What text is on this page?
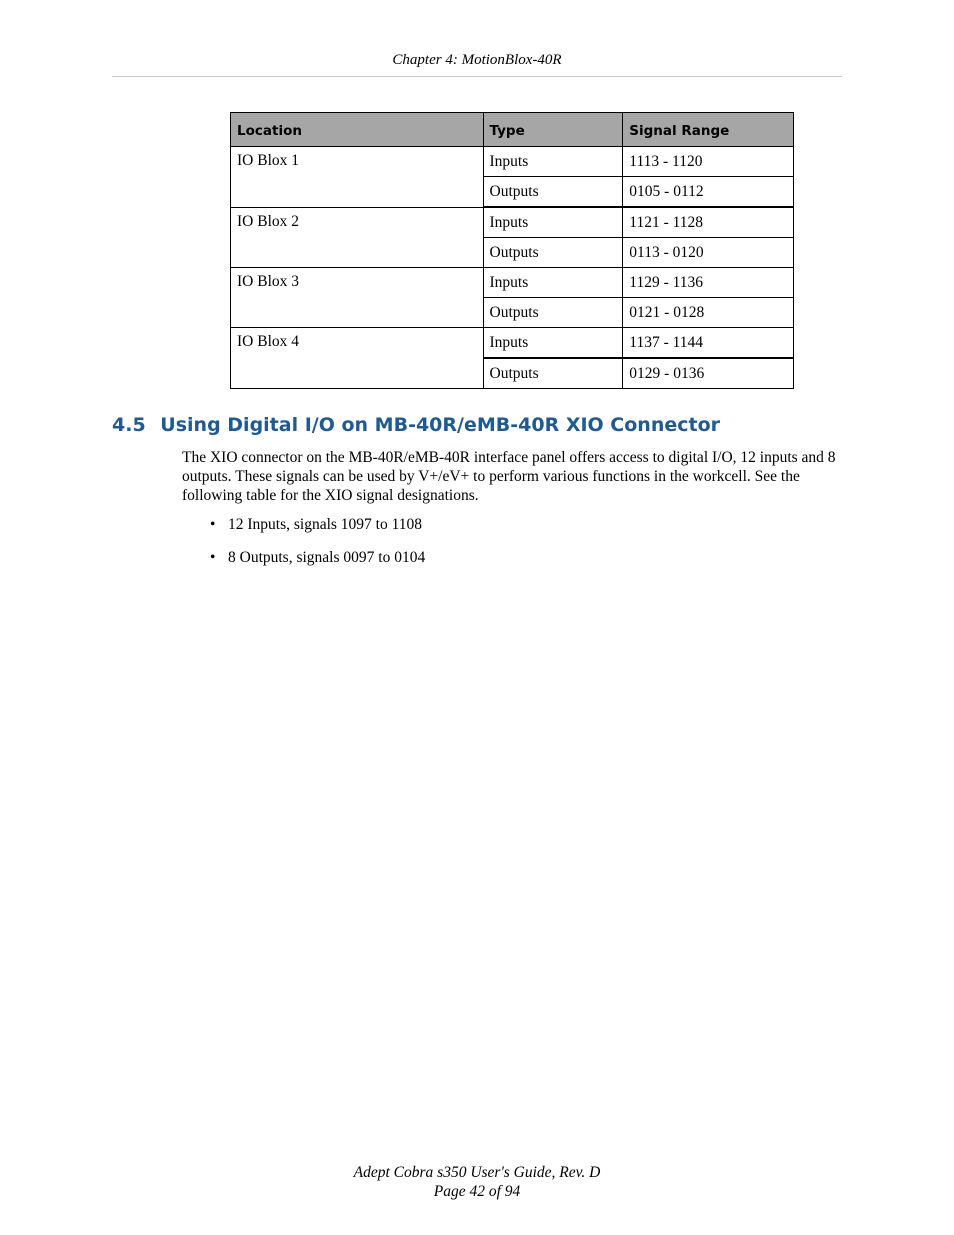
Chapter 4: MotionBlox-40R
Location	Type	Signal Range
IO Blox 1	Inputs	1113 - 1120
	Outputs	0105 - 0112
IO Blox 2	Inputs	1121 - 1128
	Outputs	0113 - 0120
IO Blox 3	Inputs	1129 - 1136
	Outputs	0121 - 0128
IO Blox 4	Inputs	1137 - 1144
	Outputs	0129 - 0136
4.5 Using Digital I/O on MB-40R/eMB-40R XIO Connector

The XIO connector on the MB-40R/eMB-40R interface panel offers access to digital I/O, 12 inputs and 8 outputs. These signals can be used by V+/eV+ to perform various functions in the workcell. See the following table for the XIO signal designations.

• 12 Inputs, signals 1097 to 1108
• 8 Outputs, signals 0097 to 0104
Adept Cobra s350 User's Guide, Rev. D
Page 42 of 94
